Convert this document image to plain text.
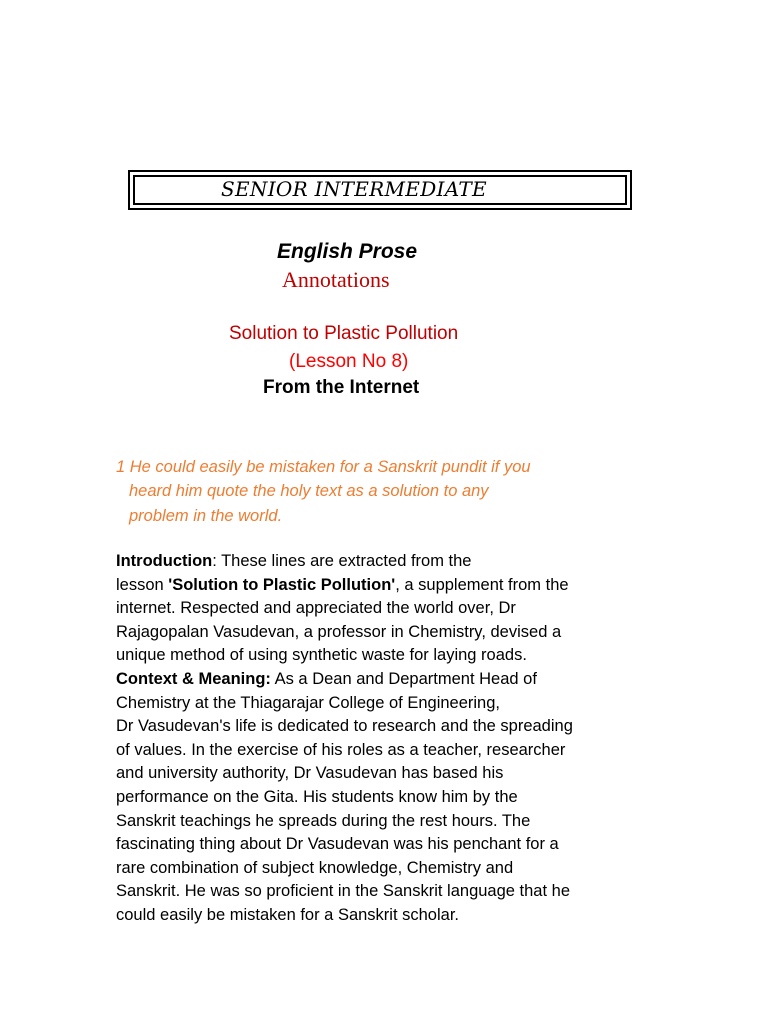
SENIOR INTERMEDIATE
English Prose
Annotations
Solution to Plastic Pollution
(Lesson No 8)
From the Internet
1 He could easily be mistaken for a Sanskrit pundit if you
heard him quote the holy text as a solution to any
problem in the world.
Introduction: These lines are extracted from the
lesson 'Solution to Plastic Pollution', a supplement from the
internet. Respected and appreciated the world over, Dr
Rajagopalan Vasudevan, a professor in Chemistry, devised a
unique method of using synthetic waste for laying roads.
Context & Meaning: As a Dean and Department Head of
Chemistry at the Thiagarajar College of Engineering,
Dr Vasudevan's life is dedicated to research and the spreading
of values. In the exercise of his roles as a teacher, researcher
and university authority, Dr Vasudevan has based his
performance on the Gita. His students know him by the
Sanskrit teachings he spreads during the rest hours. The
fascinating thing about Dr Vasudevan was his penchant for a
rare combination of subject knowledge, Chemistry and
Sanskrit. He was so proficient in the Sanskrit language that he
could easily be mistaken for a Sanskrit scholar.
